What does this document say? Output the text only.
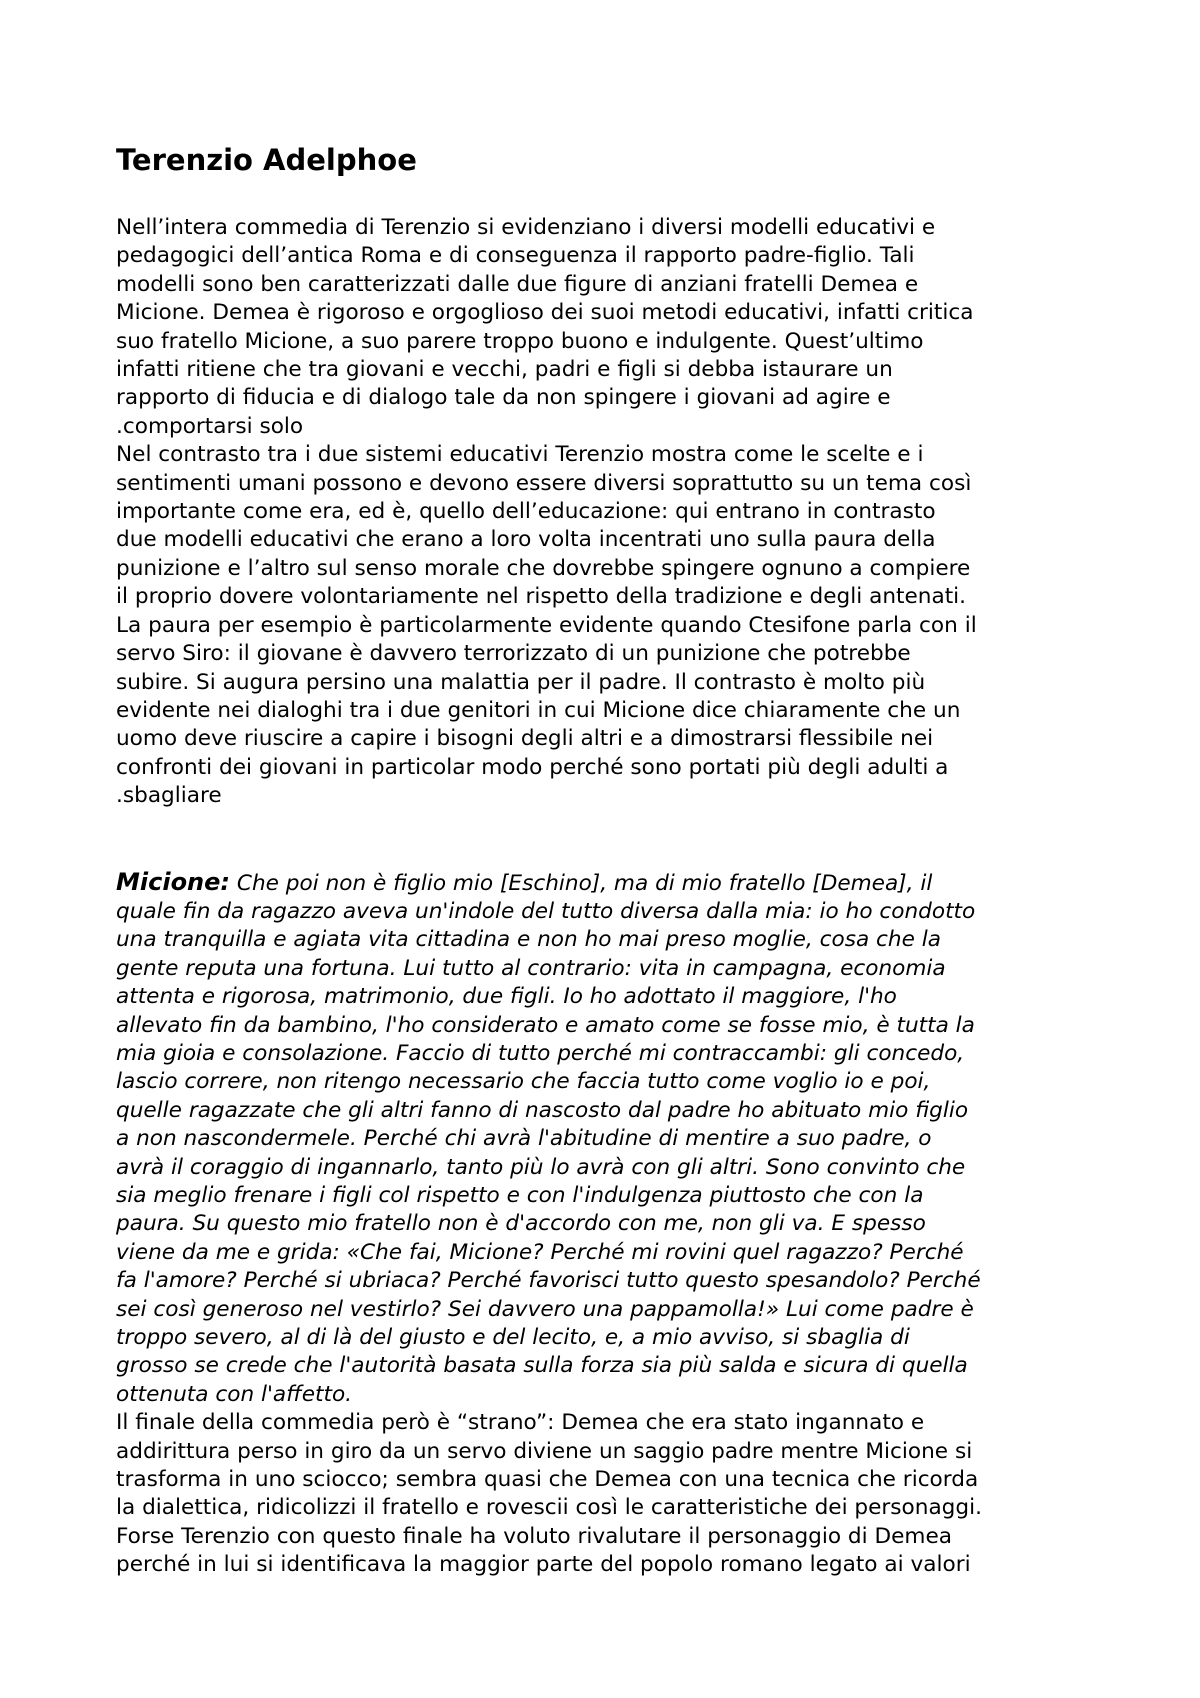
Terenzio Adelphoe
Nell’intera commedia di Terenzio si evidenziano i diversi modelli educativi e
pedagogici dell’antica Roma e di conseguenza il rapporto padre-figlio. Tali
modelli sono ben caratterizzati dalle due figure di anziani fratelli Demea e
Micione. Demea è rigoroso e orgoglioso dei suoi metodi educativi, infatti critica
suo fratello Micione, a suo parere troppo buono e indulgente. Quest’ultimo
infatti ritiene che tra giovani e vecchi, padri e figli si debba istaurare un
rapporto di fiducia e di dialogo tale da non spingere i giovani ad agire e
.comportarsi solo
Nel contrasto tra i due sistemi educativi Terenzio mostra come le scelte e i
sentimenti umani possono e devono essere diversi soprattutto su un tema così
importante come era, ed è, quello dell’educazione: qui entrano in contrasto
due modelli educativi che erano a loro volta incentrati uno sulla paura della
punizione e l’altro sul senso morale che dovrebbe spingere ognuno a compiere
il proprio dovere volontariamente nel rispetto della tradizione e degli antenati.
La paura per esempio è particolarmente evidente quando Ctesifone parla con il
servo Siro: il giovane è davvero terrorizzato di un punizione che potrebbe
subire. Si augura persino una malattia per il padre. Il contrasto è molto più
evidente nei dialoghi tra i due genitori in cui Micione dice chiaramente che un
uomo deve riuscire a capire i bisogni degli altri e a dimostrarsi flessibile nei
confronti dei giovani in particolar modo perché sono portati più degli adulti a
.sbagliare
Micione: Che poi non è figlio mio [Eschino], ma di mio fratello [Demea], il
quale fin da ragazzo aveva un'indole del tutto diversa dalla mia: io ho condotto
una tranquilla e agiata vita cittadina e non ho mai preso moglie, cosa che la
gente reputa una fortuna. Lui tutto al contrario: vita in campagna, economia
attenta e rigorosa, matrimonio, due figli. Io ho adottato il maggiore, l'ho
allevato fin da bambino, l'ho considerato e amato come se fosse mio, è tutta la
mia gioia e consolazione. Faccio di tutto perché mi contraccambi: gli concedo,
lascio correre, non ritengo necessario che faccia tutto come voglio io e poi,
quelle ragazzate che gli altri fanno di nascosto dal padre ho abituato mio figlio
a non nascondermele. Perché chi avrà l'abitudine di mentire a suo padre, o
avrà il coraggio di ingannarlo, tanto più lo avrà con gli altri. Sono convinto che
sia meglio frenare i figli col rispetto e con l'indulgenza piuttosto che con la
paura. Su questo mio fratello non è d'accordo con me, non gli va. E spesso
viene da me e grida: «Che fai, Micione? Perché mi rovini quel ragazzo? Perché
fa l'amore? Perché si ubriaca? Perché favorisci tutto questo spesandolo? Perché
sei così generoso nel vestirlo? Sei davvero una pappamolla!» Lui come padre è
troppo severo, al di là del giusto e del lecito, e, a mio avviso, si sbaglia di
grosso se crede che l'autorità basata sulla forza sia più salda e sicura di quella
ottenuta con l'affetto.
Il finale della commedia però è “strano”: Demea che era stato ingannato e
addirittura perso in giro da un servo diviene un saggio padre mentre Micione si
trasforma in uno sciocco; sembra quasi che Demea con una tecnica che ricorda
la dialettica, ridicolizzi il fratello e rovescii così le caratteristiche dei personaggi.
Forse Terenzio con questo finale ha voluto rivalutare il personaggio di Demea
perché in lui si identificava la maggior parte del popolo romano legato ai valori
